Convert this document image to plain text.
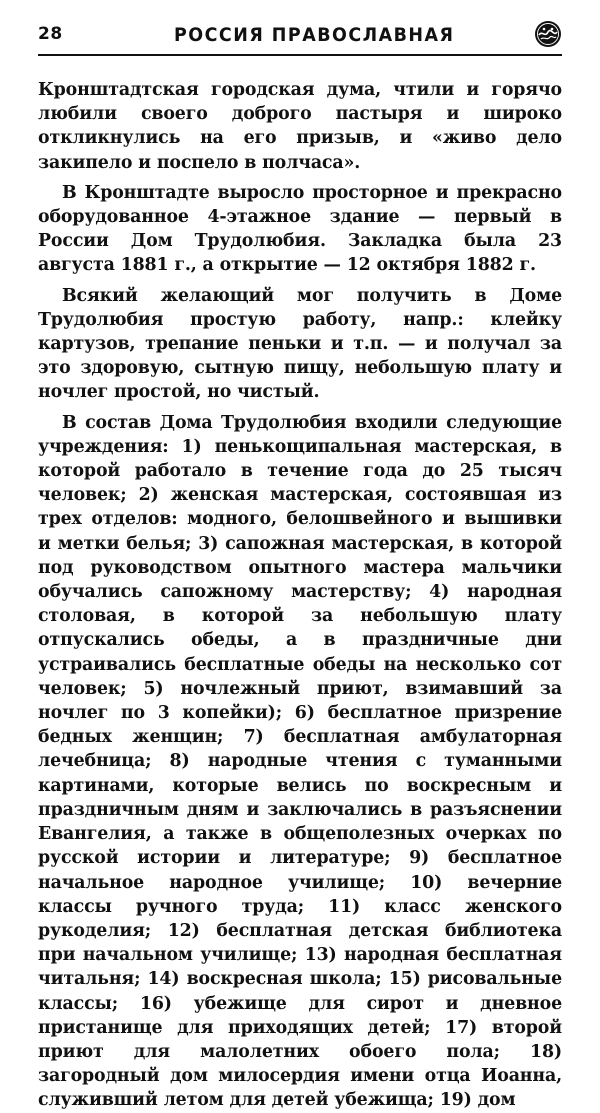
28	РОССИЯ ПРАВОСЛАВНАЯ

Кронштадтская городская дума, чтили и горячо любили своего доброго пастыря и широко откликнулись на его призыв, и «живо дело закипело и поспело в полчаса».

В Кронштадте выросло просторное и прекрасно оборудованное 4-этажное здание — первый в России Дом Трудолюбия. Закладка была 23 августа 1881 г., а открытие — 12 октября 1882 г.

Всякий желающий мог получить в Доме Трудолюбия простую работу, напр.: клейку картузов, трепание пеньки и т.п. — и получал за это здоровую, сытную пищу, небольшую плату и ночлег простой, но чистый.

В состав Дома Трудолюбия входили следующие учреждения: 1) пенькощипальная мастерская, в которой работало в течение года до 25 тысяч человек; 2) женская мастерская, состоявшая из трех отделов: модного, белошвейного и вышивки и метки белья; 3) сапожная мастерская, в которой под руководством опытного мастера мальчики обучались сапожному мастерству; 4) народная столовая, в которой за небольшую плату отпускались обеды, а в праздничные дни устраивались бесплатные обеды на несколько сот человек; 5) ночлежный приют, взимавший за ночлег по 3 копейки); 6) бесплатное призрение бедных женщин; 7) бесплатная амбулаторная лечебница; 8) народные чтения с туманными картинами, которые велись по воскресным и праздничным дням и заключались в разъяснении Евангелия, а также в общеполезных очерках по русской истории и литературе; 9) бесплатное начальное народное училище; 10) вечерние классы ручного труда; 11) класс женского рукоделия; 12) бесплатная детская библиотека при начальном училище; 13) народная бесплатная читальня; 14) воскресная школа; 15) рисовальные классы; 16) убежище для сирот и дневное пристанище для приходящих детей; 17) второй приют для малолетних обоего пола; 18) загородный дом милосердия имени отца Иоанна, служивший летом для детей убежища; 19) дом
